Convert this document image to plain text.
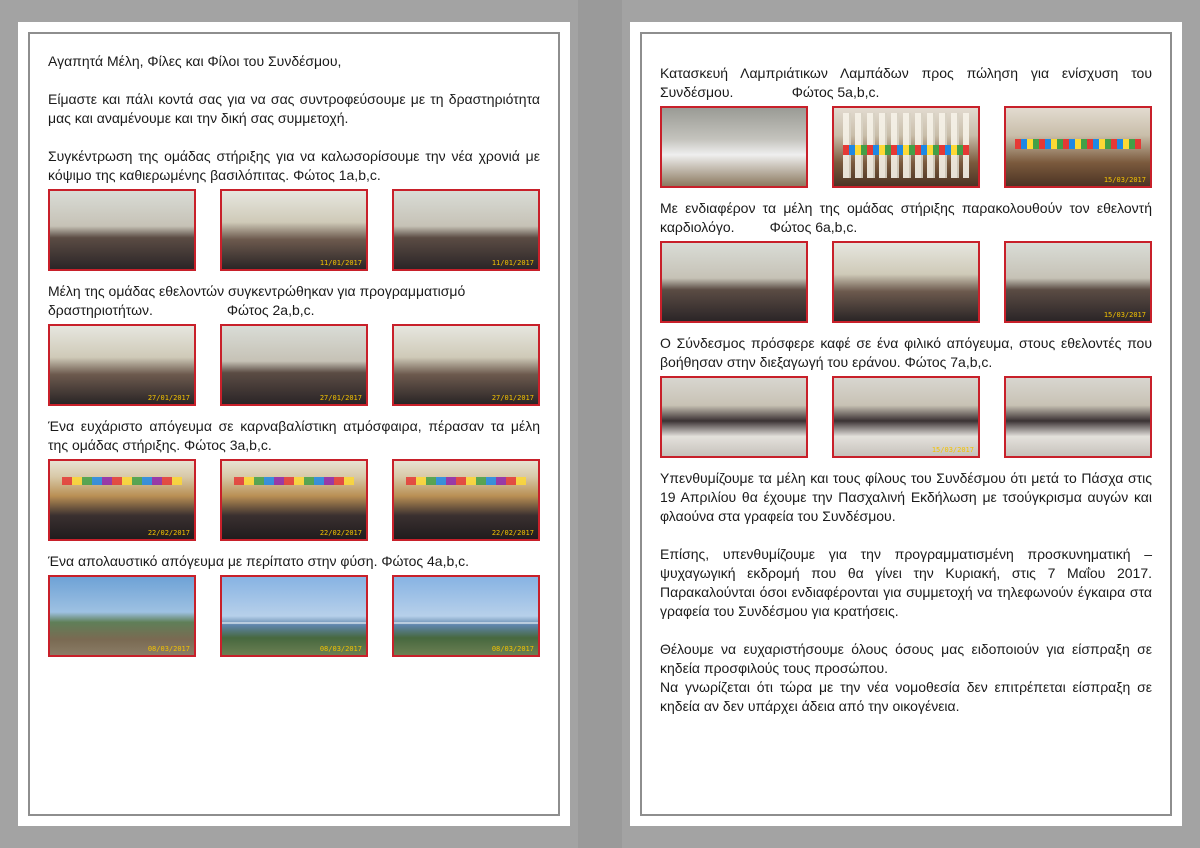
Αγαπητά Μέλη, Φίλες και Φίλοι του Συνδέσμου,

Είμαστε και πάλι κοντά σας για να σας συντροφεύσουμε με τη δραστηριότητα μας και αναμένουμε και την δική σας συμμετοχή.

Συγκέντρωση της ομάδας στήριξης για να καλωσορίσουμε την νέα χρονιά με κόψιμο της καθιερωμένης βασιλόπιτας. Φώτος 1a,b,c.

11/01/2017	11/01/2017

Μέλη της ομάδας εθελοντών συγκεντρώθηκαν για προγραμματισμό δραστηριοτήτων.                   Φώτος 2a,b,c.

27/01/2017	27/01/2017	27/01/2017

Ένα ευχάριστο απόγευμα σε καρναβαλίστικη ατμόσφαιρα, πέρασαν τα μέλη της ομάδας στήριξης. Φώτος 3a,b,c.

22/02/2017	22/02/2017	22/02/2017

Ένα απολαυστικό απόγευμα με περίπατο στην φύση. Φώτος 4a,b,c.

08/03/2017	08/03/2017	08/03/2017

Κατασκευή Λαμπριάτικων Λαμπάδων προς πώληση για ενίσχυση του Συνδέσμου.               Φώτος 5a,b,c.

15/03/2017

Με ενδιαφέρον τα μέλη της ομάδας στήριξης παρακολουθούν τον εθελοντή καρδιολόγο.         Φώτος 6a,b,c.

15/03/2017

Ο Σύνδεσμος πρόσφερε καφέ σε ένα φιλικό απόγευμα, στους εθελοντές που βοήθησαν στην διεξαγωγή του εράνου. Φώτος 7a,b,c.

15/03/2017

Υπενθυμίζουμε τα μέλη και τους φίλους του Συνδέσμου ότι μετά το Πάσχα στις 19 Απριλίου θα έχουμε την Πασχαλινή Εκδήλωση με τσούγκρισμα αυγών και φλαούνα στα γραφεία του Συνδέσμου.

Επίσης, υπενθυμίζουμε για την προγραμματισμένη προσκυνηματική – ψυχαγωγική εκδρομή που θα γίνει την Κυριακή, στις 7 Μαΐου 2017. Παρακαλούνται όσοι ενδιαφέρονται για συμμετοχή να τηλεφωνούν έγκαιρα στα γραφεία του Συνδέσμου για κρατήσεις.

Θέλουμε να ευχαριστήσουμε όλους όσους μας ειδοποιούν για είσπραξη σε κηδεία προσφιλούς τους προσώπου.

Να γνωρίζεται ότι τώρα με την νέα νομοθεσία δεν επιτρέπεται είσπραξη σε κηδεία αν δεν υπάρχει άδεια από την οικογένεια.
